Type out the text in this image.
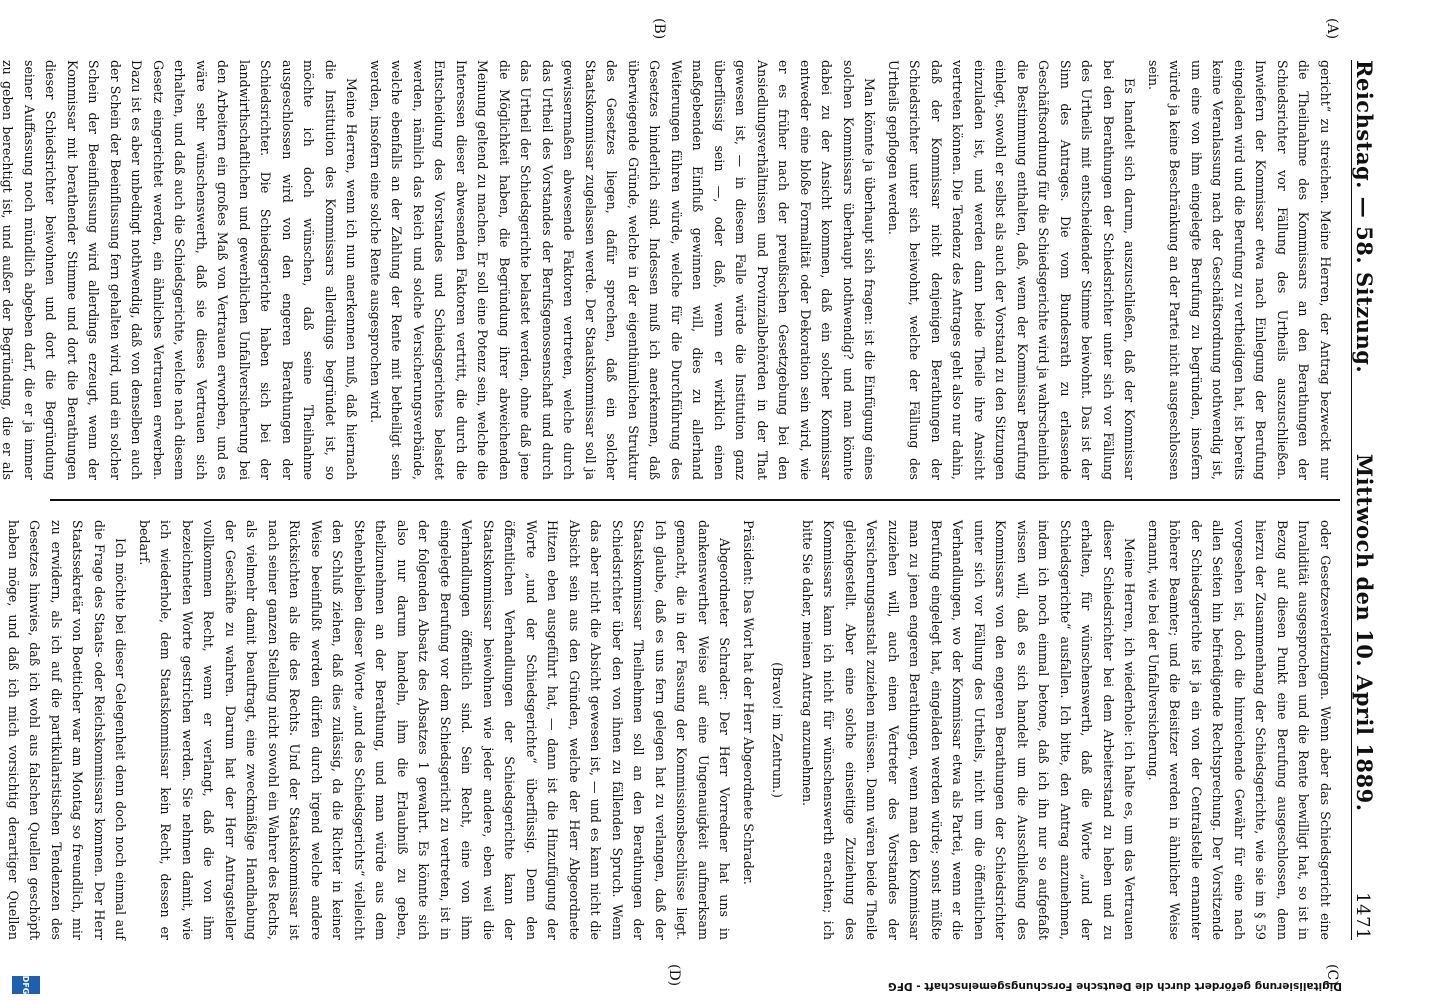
Reichstag. — 58. Sitzung.
Mittwoch den 10. April 1889.
1471
(A)
(B)
(C)
(D)

gericht“ zu streichen. Meine Herren, der Antrag bezweckt nur die Theilnahme des Kommissars an den Berathungen der Schiedsrichter vor Fällung des Urtheils auszuschließen. Inwiefern der Kommissar etwa nach Einlegung der Berufung eingeladen wird und die Berufung zu vertheidigen hat, ist bereits keine Veranlassung nach der Geschäftsordnung nothwendig ist, um eine von ihm eingelegte Berufung zu begründen, insofern würde ja keine Beschränkung an der Partei nicht ausgeschlossen sein.

Es handelt sich darum, auszuschließen, daß der Kommissar bei den Berathungen der Schiedsrichter unter sich vor Fällung des Urtheils mit entscheidender Stimme beiwohnt. Das ist der Sinn des Antrages. Die vom Bundesrath zu erlassende Geschäftsordnung für die Schiedsgerichte wird ja wahrscheinlich die Bestimmung enthalten, daß, wenn der Kommissar Berufung einlegt, sowohl er selbst als auch der Vorstand zu den Sitzungen einzuladen ist, und werden dann beide Theile ihre Ansicht vertreten können. Die Tendenz des Antrages geht also nur dahin, daß der Kommissar nicht denjenigen Berathungen der Schiedsrichter unter sich beiwohnt, welche der Fällung des Urtheils gepflogen werden.

Man könnte ja überhaupt sich fragen: ist die Einfügung eines solchen Kommissars überhaupt nothwendig? und man könnte dabei zu der Ansicht kommen, daß ein solcher Kommissar entweder eine bloße Formalität oder Dekoration sein wird, wie er es früher nach der preußischen Gesetzgebung bei den Ansiedlungsverhältnissen und Provinzialbehörden in der That gewesen ist, — in diesem Falle würde die Institution ganz überflüssig sein —, oder daß, wenn er wirklich einen maßgebenden Einfluß gewinnen will, dies zu allerhand Weiterungen führen würde, welche für die Durchführung des Gesetzes hinderlich sind. Indessen muß ich anerkennen, daß überwiegende Gründe, welche in der eigenthümlichen Struktur des Gesetzes liegen, dafür sprechen, daß ein solcher Staatskommissar zugelassen werde. Der Staatskommissar soll ja gewissermaßen abwesende Faktoren vertreten, welche durch das Urtheil des Vorstandes der Berufsgenossenschaft und durch das Urtheil der Schiedsgerichte belastet werden, ohne daß jene die Möglichkeit haben, die Begründung ihrer abweichenden Meinung geltend zu machen. Er soll eine Potenz sein, welche die Interessen dieser abwesenden Faktoren vertritt, die durch die Entscheidung des Vorstandes und Schiedsgerichtes belastet werden, nämlich das Reich und solche Versicherungsverbände, welche ebenfalls an der Zahlung der Rente mit betheiligt sein werden, insofern eine solche Rente ausgesprochen wird.

Meine Herren, wenn ich nun anerkennen muß, daß hiernach die Institution des Kommissars allerdings begründet ist, so möchte ich doch wünschen, daß seine Theilnahme ausgeschlossen wird von den engeren Berathungen der Schiedsrichter. Die Schiedsgerichte haben sich bei der landwirthschaftlichen und gewerblichen Unfallversicherung bei den Arbeitern ein großes Maß von Vertrauen erworben, und es wäre sehr wünschenswerth, daß sie dieses Vertrauen sich erhalten, und daß auch die Schiedsgerichte, welche nach diesem Gesetz eingerichtet werden, ein ähnliches Vertrauen erwerben. Dazu ist es aber unbedingt nothwendig, daß von denselben auch der Schein der Beeinflussung fern gehalten wird, und ein solcher Schein der Beeinflussung wird allerdings erzeugt, wenn der Kommissar mit berathender Stimme und dort die Berathungen dieser Schiedsrichter beiwohnen und dort die Begründung seiner Auffassung noch mündlich abgeben darf, die er ja immer zu geben berechtigt ist, und außer der Begründung, die er als

oder Gesetzesverletzungen. Wenn aber das Schiedsgericht eine Invalidität ausgesprochen und die Rente bewilligt hat, so ist in Bezug auf diesen Punkt eine Berufung ausgeschlossen, denn hierzu der Zusammenhang der Schiedsgerichte, wie sie im § 59 vorgesehen ist, doch die hinreichende Gewähr für eine nach allen Seiten hin befriedigende Rechtsprechung. Der Vorsitzende der Schiedsgerichte ist ja ein von der Centralstelle ernannter höherer Beamter; und die Beisitzer werden in ähnlicher Weise ernannt, wie bei der Unfallversicherung.

Meine Herren, ich wiederhole: ich halte es, um das Vertrauen dieser Schiedsrichter bei dem Arbeiterstand zu heben und zu erhalten, für wünschenswerth, daß die Worte „und der Schiedsgerichte“ ausfallen. Ich bitte, den Antrag anzunehmen, indem ich noch einmal betone, daß ich ihn nur so aufgefaßt wissen will, daß es sich handelt um die Ausschließung des Kommissars von den engeren Berathungen der Schiedsrichter unter sich vor Fällung des Urtheils, nicht um die öffentlichen Verhandlungen, wo der Kommissar etwa als Partei, wenn er die Berufung eingelegt hat, eingeladen werden würde; sonst müßte man zu jenen engeren Berathungen, wenn man den Kommissar zuziehen will, auch einen Vertreter des Vorstandes der Versicherungsanstalt zuziehen müssen. Dann wären beide Theile gleichgestellt. Aber eine solche einseitige Zuziehung des Kommissars kann ich nicht für wünschenswerth erachten; ich bitte Sie daher, meinen Antrag anzunehmen.

(Bravo! im Zentrum.)

Präsident: Das Wort hat der Herr Abgeordnete Schrader.

Abgeordneter Schrader: Der Herr Vorredner hat uns in dankenswerther Weise auf eine Ungenauigkeit aufmerksam gemacht, die in der Fassung der Kommissionsbeschlüsse liegt. Ich glaube, daß es uns fern gelegen hat zu verlangen, daß der Staatskommissar Theilnehmen soll an den Berathungen der Schiedsrichter über den von ihnen zu fällenden Spruch. Wenn das aber nicht die Absicht gewesen ist, — und es kann nicht die Absicht sein aus den Gründen, welche der Herr Abgeordnete Hitzen eben ausgeführt hat, — dann ist die Hinzufügung der Worte „und der Schiedsgerichte“ überflüssig. Denn den öffentlichen Verhandlungen der Schiedsgerichte kann der Staatskommissar beiwohnen wie jeder andere, eben weil die Verhandlungen öffentlich sind. Sein Recht, eine von ihm eingelegte Berufung vor dem Schiedsgericht zu vertreten, ist in der folgenden Absatz des Absatzes 1 gewahrt. Es könnte sich also nur darum handeln, ihm die Erlaubniß zu geben, theilzunehmen an der Berathung, und man würde aus dem Stehenbleiben dieser Worte „und des Schiedsgerichts“ vielleicht den Schluß ziehen, daß dies zulässig, da die Richter in keiner Weise beeinflußt werden dürfen durch irgend welche andere Rücksichten als die des Rechts. Und der Staatskommissar ist nach seiner ganzen Stellung nicht sowohl ein Wahrer des Rechts, als vielmehr damit beauftragt, eine zweckmäßige Handhabung der Geschäfte zu wahren. Darum hat der Herr Antragsteller vollkommen Recht, wenn er verlangt, daß die von ihm bezeichneten Worte gestrichen werden. Sie nehmen damit, wie ich wiederhole, dem Staatskommissar kein Recht, dessen er bedarf.

Ich möchte bei dieser Gelegenheit denn doch noch einmal auf die Frage des Staats- oder Reichskommissars kommen. Der Herr Staatssekretär von Boetticher war am Montag so freundlich, mir zu erwidern, als ich auf die partikularistischen Tendenzen des Gesetzes hinwies, daß ich wohl aus falschen Quellen geschöpft haben möge, und daß ich mich vorsichtig derartiger Quellen

Digitalisierung gefördert durch die Deutsche Forschungsgemeinschaft - DFG
DFG
